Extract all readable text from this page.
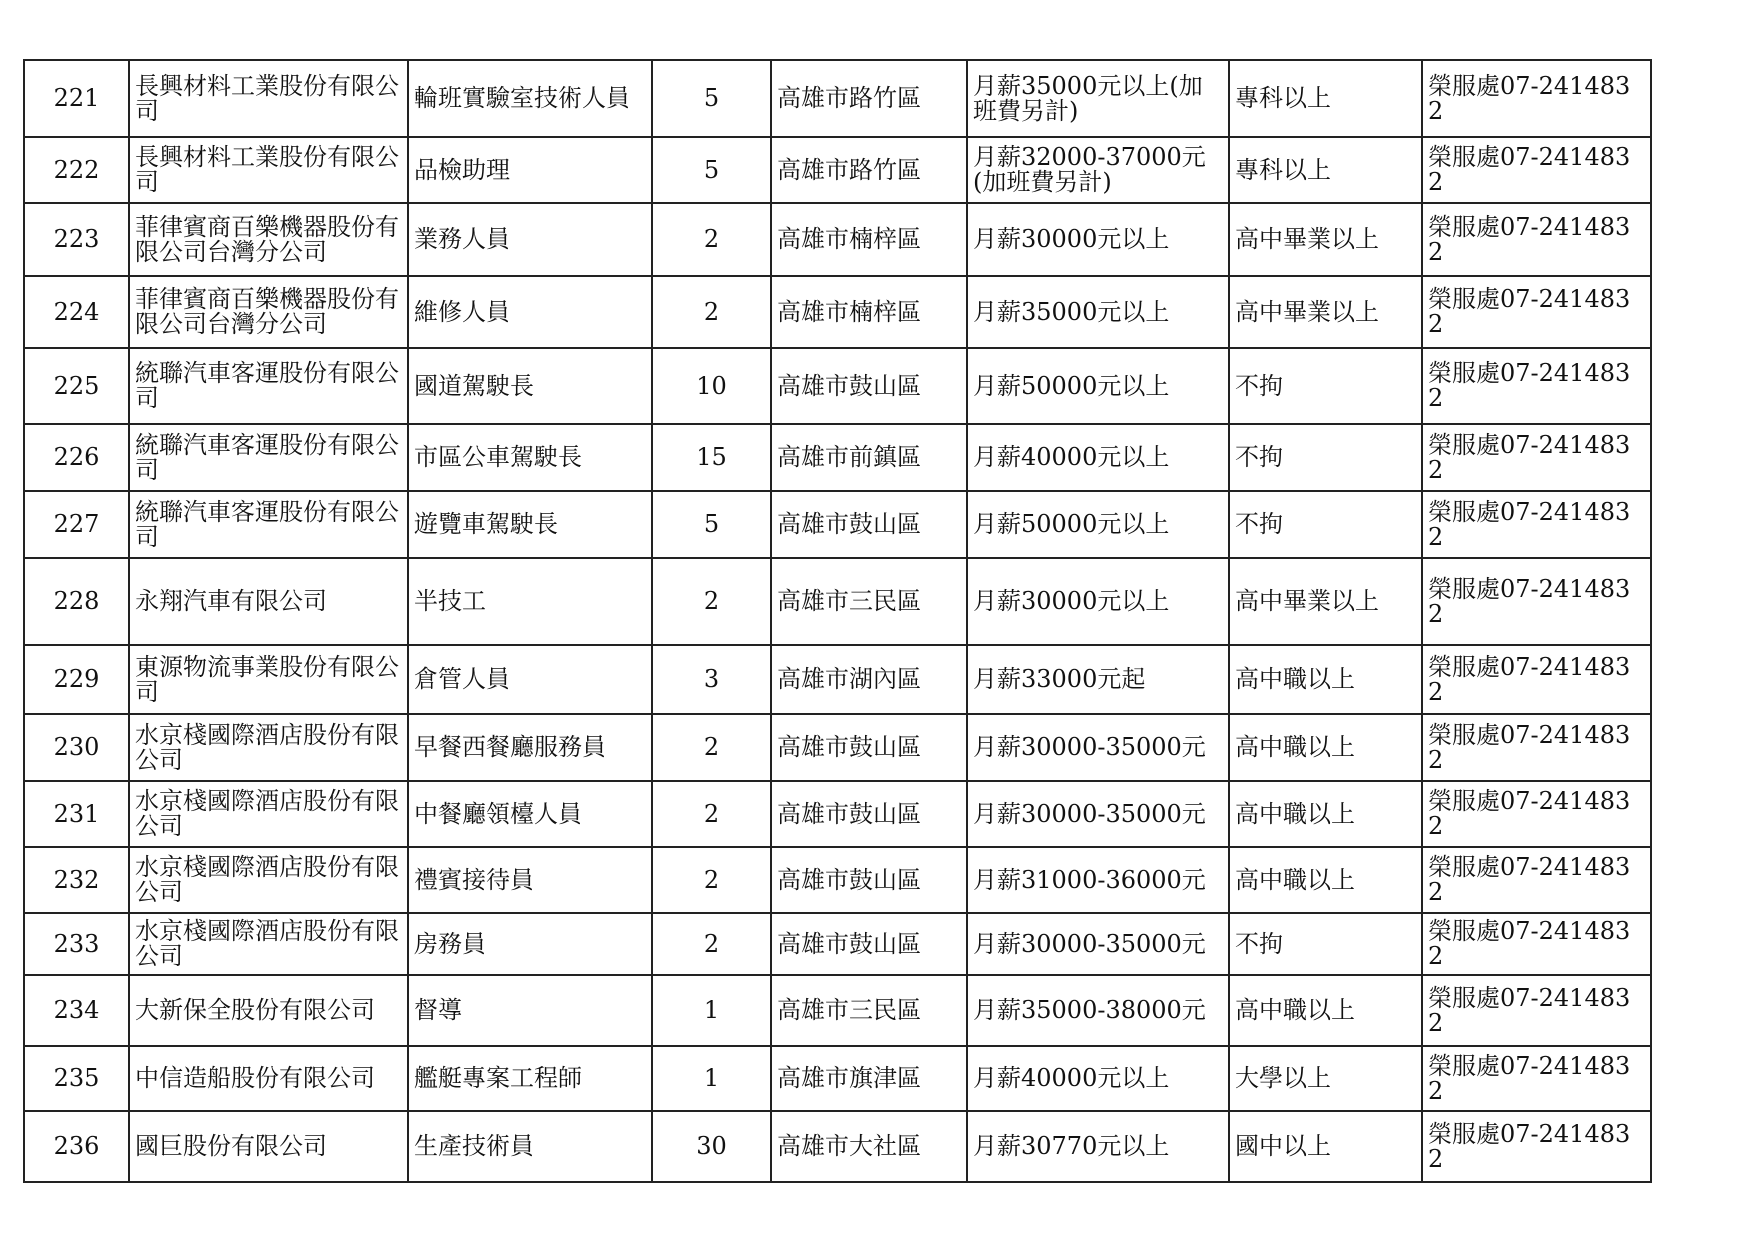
221	長興材料工業股份有限公司	輪班實驗室技術人員	5	高雄市路竹區	月薪35000元以上(加班費另計)	專科以上	榮服處07-2414832
222	長興材料工業股份有限公司	品檢助理	5	高雄市路竹區	月薪32000-37000元(加班費另計)	專科以上	榮服處07-2414832
223	菲律賓商百樂機器股份有限公司台灣分公司	業務人員	2	高雄市楠梓區	月薪30000元以上	高中畢業以上	榮服處07-2414832
224	菲律賓商百樂機器股份有限公司台灣分公司	維修人員	2	高雄市楠梓區	月薪35000元以上	高中畢業以上	榮服處07-2414832
225	統聯汽車客運股份有限公司	國道駕駛長	10	高雄市鼓山區	月薪50000元以上	不拘	榮服處07-2414832
226	統聯汽車客運股份有限公司	市區公車駕駛長	15	高雄市前鎮區	月薪40000元以上	不拘	榮服處07-2414832
227	統聯汽車客運股份有限公司	遊覽車駕駛長	5	高雄市鼓山區	月薪50000元以上	不拘	榮服處07-2414832
228	永翔汽車有限公司	半技工	2	高雄市三民區	月薪30000元以上	高中畢業以上	榮服處07-2414832
229	東源物流事業股份有限公司	倉管人員	3	高雄市湖內區	月薪33000元起	高中職以上	榮服處07-2414832
230	水京棧國際酒店股份有限公司	早餐西餐廳服務員	2	高雄市鼓山區	月薪30000-35000元	高中職以上	榮服處07-2414832
231	水京棧國際酒店股份有限公司	中餐廳領檯人員	2	高雄市鼓山區	月薪30000-35000元	高中職以上	榮服處07-2414832
232	水京棧國際酒店股份有限公司	禮賓接待員	2	高雄市鼓山區	月薪31000-36000元	高中職以上	榮服處07-2414832
233	水京棧國際酒店股份有限公司	房務員	2	高雄市鼓山區	月薪30000-35000元	不拘	榮服處07-2414832
234	大新保全股份有限公司	督導	1	高雄市三民區	月薪35000-38000元	高中職以上	榮服處07-2414832
235	中信造船股份有限公司	艦艇專案工程師	1	高雄市旗津區	月薪40000元以上	大學以上	榮服處07-2414832
236	國巨股份有限公司	生產技術員	30	高雄市大社區	月薪30770元以上	國中以上	榮服處07-2414832
